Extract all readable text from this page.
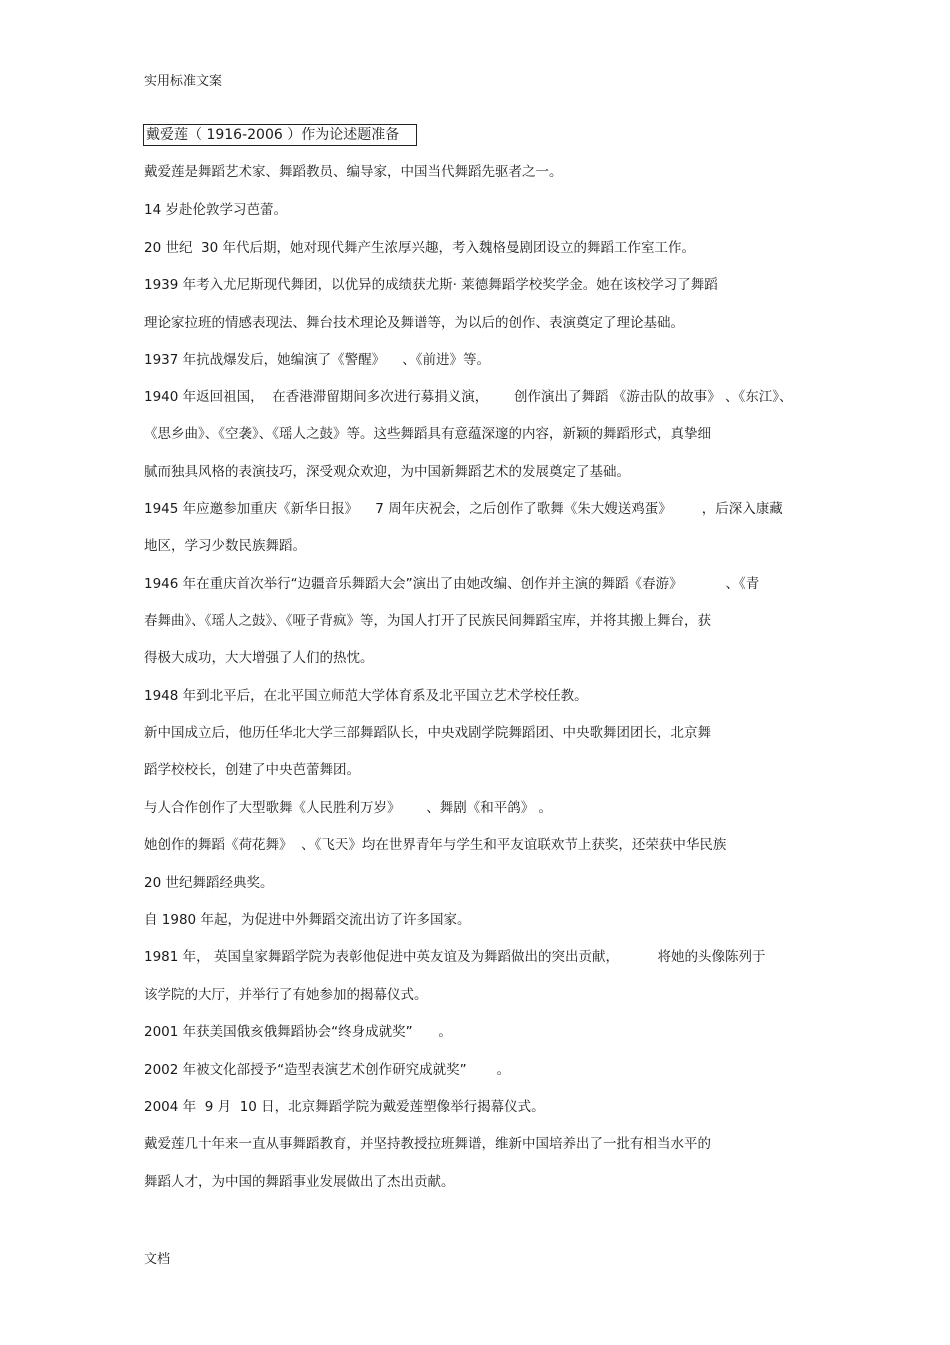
实用标准文案
戴爱莲（ 1916-2006 ）作为论述题准备
戴爱莲是舞蹈艺术家、舞蹈教员、编导家，中国当代舞蹈先驱者之一。
14 岁赴伦敦学习芭蕾。
20 世纪  30 年代后期，她对现代舞产生浓厚兴趣，考入魏格曼剧团设立的舞蹈工作室工作。
1939 年考入尤尼斯现代舞团，以优异的成绩获尤斯· 莱德舞蹈学校奖学金。她在该校学习了舞蹈
理论家拉班的情感表现法、舞台技术理论及舞谱等，为以后的创作、表演奠定了理论基础。
1937 年抗战爆发后，她编演了《警醒》    、《前进》等。
1940 年返回祖国，  在香港滞留期间多次进行募捐义演，      创作演出了舞蹈 《游击队的故事》 、《东江》、
《思乡曲》、《空袭》、《瑶人之鼓》等。这些舞蹈具有意蕴深邃的内容，新颖的舞蹈形式，真挚细
腻而独具风格的表演技巧，深受观众欢迎，为中国新舞蹈艺术的发展奠定了基础。
1945 年应邀参加重庆《新华日报》    7 周年庆祝会，之后创作了歌舞《朱大嫂送鸡蛋》       ，后深入康藏
地区，学习少数民族舞蹈。
1946 年在重庆首次举行“边疆音乐舞蹈大会”演出了由她改编、创作并主演的舞蹈《春游》          、《青
春舞曲》、《瑶人之鼓》、《哑子背疯》等，为国人打开了民族民间舞蹈宝库，并将其搬上舞台，获
得极大成功，大大增强了人们的热忱。
1948 年到北平后，在北平国立师范大学体育系及北平国立艺术学校任教。
新中国成立后，他历任华北大学三部舞蹈队长，中央戏剧学院舞蹈团、中央歌舞团团长，北京舞
蹈学校校长，创建了中央芭蕾舞团。
与人合作创作了大型歌舞《人民胜利万岁》      、舞剧《和平鸽》 。
她创作的舞蹈《荷花舞》  、《飞天》均在世界青年与学生和平友谊联欢节上获奖，还荣获中华民族
20 世纪舞蹈经典奖。
自 1980 年起，为促进中外舞蹈交流出访了许多国家。
1981 年， 英国皇家舞蹈学院为表彰他促进中英友谊及为舞蹈做出的突出贡献，         将她的头像陈列于
该学院的大厅，并举行了有她参加的揭幕仪式。
2001 年获美国俄亥俄舞蹈协会“终身成就奖”      。
2002 年被文化部授予“造型表演艺术创作研究成就奖”       。
2004 年  9 月  10 日，北京舞蹈学院为戴爱莲塑像举行揭幕仪式。
戴爱莲几十年来一直从事舞蹈教育，并坚持教授拉班舞谱，维新中国培养出了一批有相当水平的
舞蹈人才，为中国的舞蹈事业发展做出了杰出贡献。
文档
